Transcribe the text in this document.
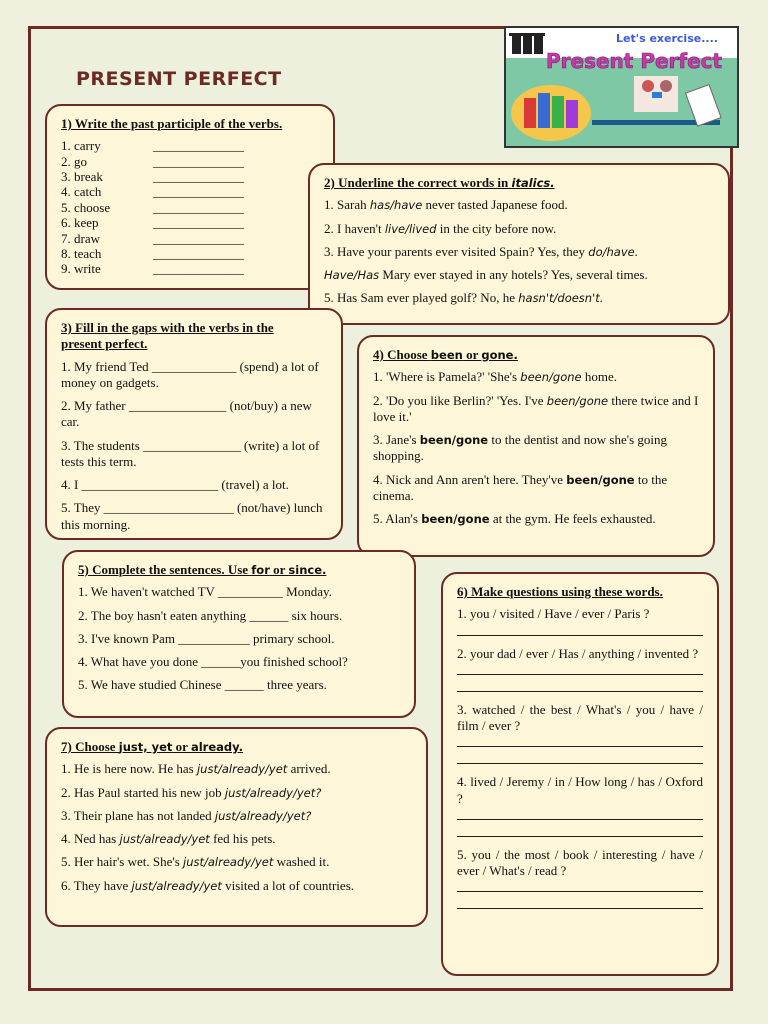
PRESENT PERFECT
Let's exercise....
Present Perfect
1) Write the past participle of the verbs.
1. carry	______________
2. go	______________
3. break	______________
4. catch	______________
5. choose	______________
6. keep	______________
7. draw	______________
8. teach	______________
9. write	______________
2) Underline the correct words in italics.

1. Sarah has/have never tasted Japanese food.

2. I haven't live/lived in the city before now.

3. Have your parents ever visited Spain? Yes, they do/have.

Have/Has Mary ever stayed in any hotels? Yes, several times.

5. Has Sam ever played golf? No, he hasn't/doesn't.

3) Fill in the gaps with the verbs in the present perfect.

1. My friend Ted _____________ (spend) a lot of money on gadgets.

2. My father _______________ (not/buy) a new car.

3. The students _______________ (write) a lot of tests this term.

4. I _____________________ (travel) a lot.

5. They ____________________ (not/have) lunch this morning.

4) Choose been or gone.

1. 'Where is Pamela?' 'She's been/gone home.

2. 'Do you like Berlin?' 'Yes. I've been/gone there twice and I love it.'

3. Jane's been/gone to the dentist and now she's going shopping.

4. Nick and Ann aren't here. They've been/gone to the cinema.

5. Alan's been/gone at the gym. He feels exhausted.

5) Complete the sentences. Use for or since.

1. We haven't watched TV __________ Monday.

2. The boy hasn't eaten anything ______ six hours.

3. I've known Pam ___________ primary school.

4. What have you done ______you finished school?

5. We have studied Chinese ______ three years.

6) Make questions using these words.
1. you / visited / Have / ever / Paris ?
2. your dad / ever / Has / anything / invented ?
3. watched / the best / What's / you / have / film / ever ?
4. lived / Jeremy / in / How long / has / Oxford ?
5. you / the most / book / interesting / have / ever / What's / read ?
7) Choose just, yet or already.

1. He is here now. He has just/already/yet arrived.

2. Has Paul started his new job just/already/yet?

3. Their plane has not landed just/already/yet?

4. Ned has just/already/yet fed his pets.

5. Her hair's wet. She's just/already/yet washed it.

6. They have just/already/yet visited a lot of countries.
